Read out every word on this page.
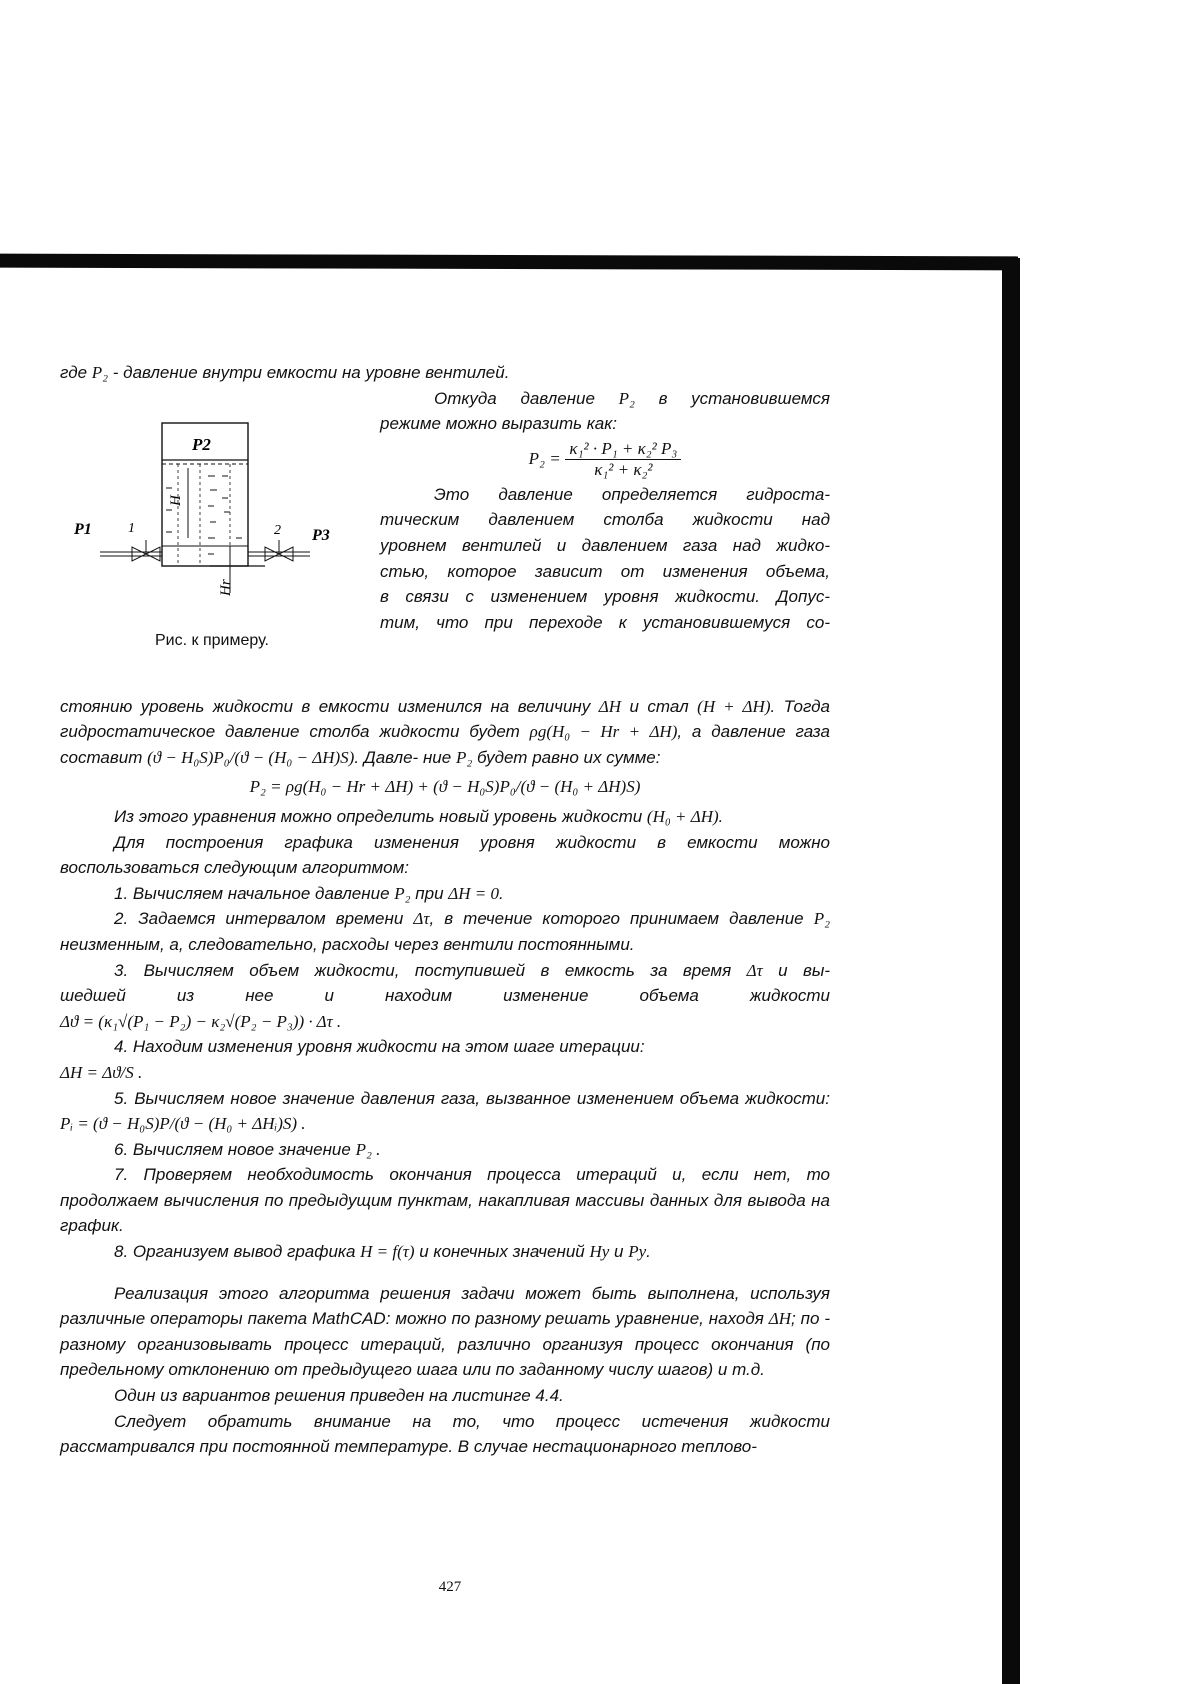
где P₂ - давление внутри емкости на уровне вентилей.

H
Hr
P2
P1	P3
1	2
Рис. к примеру.

Откуда давление P₂ в установившемся

режиме можно выразить как:

$P_2 = \frac{\text{κ₁² · P₁ + κ₂² P₃}}{\text{κ₁² + κ₂²}}$

Это давление определяется гидроста-

тическим давлением столба жидкости над

уровнем вентилей и давлением газа над жидко-

стью, которое зависит от изменения объема,

в связи с изменением уровня жидкости. Допус-

тим, что при переходе к установившемуся со-

стоянию уровень жидкости в емкости изменился на величину ΔH и стал (H + ΔH). Тогда гидростатическое давление столба жидкости будет ρg(H₀ − Hr + ΔH), а давление газа составит (ϑ − H₀S)P₀/(ϑ − (H₀ − ΔH)S). Давле- ние P₂ будет равно их сумме:

P₂ = ρg(H₀ − Hr + ΔH) + (ϑ − H₀S)P₀/(ϑ − (H₀ + ΔH)S)

Из этого уравнения можно определить новый уровень жидкости (H₀ + ΔH).

Для построения графика изменения уровня жидкости в емкости можно воспользоваться следующим алгоритмом:

1. Вычисляем начальное давление P₂ при ΔH = 0.

2. Задаемся интервалом времени Δτ, в течение которого принимаем давление P₂ неизменным, а, следовательно, расходы через вентили постоянными.

3. Вычисляем объем жидкости, поступившей в емкость за время Δτ и вы-

шедшей из нее и находим изменение объема жидкости

Δϑ = (κ₁√(P₁ − P₂) − κ₂√(P₂ − P₃)) · Δτ .

4. Находим изменения уровня жидкости на этом шаге итерации:

ΔH = Δϑ/S .

5. Вычисляем новое значение давления газа, вызванное изменением объема жидкости: Pᵢ = (ϑ − H₀S)P/(ϑ − (H₀ + ΔHᵢ)S) .

6. Вычисляем новое значение P₂ .

7. Проверяем необходимость окончания процесса итераций и, если нет, то продолжаем вычисления по предыдущим пунктам, накапливая массивы данных для вывода на график.

8. Организуем вывод графика H = f(τ) и конечных значений Hy и Py.

Реализация этого алгоритма решения задачи может быть выполнена, используя различные операторы пакета MathCAD: можно по разному решать уравнение, находя ΔH; по - разному организовывать процесс итераций, различно организуя процесс окончания (по предельному отклонению от предыдущего шага или по заданному числу шагов) и т.д.

Один из вариантов решения приведен на листинге 4.4.

Следует обратить внимание на то, что процесс истечения жидкости рассматривался при постоянной температуре. В случае нестационарного теплово-

427
